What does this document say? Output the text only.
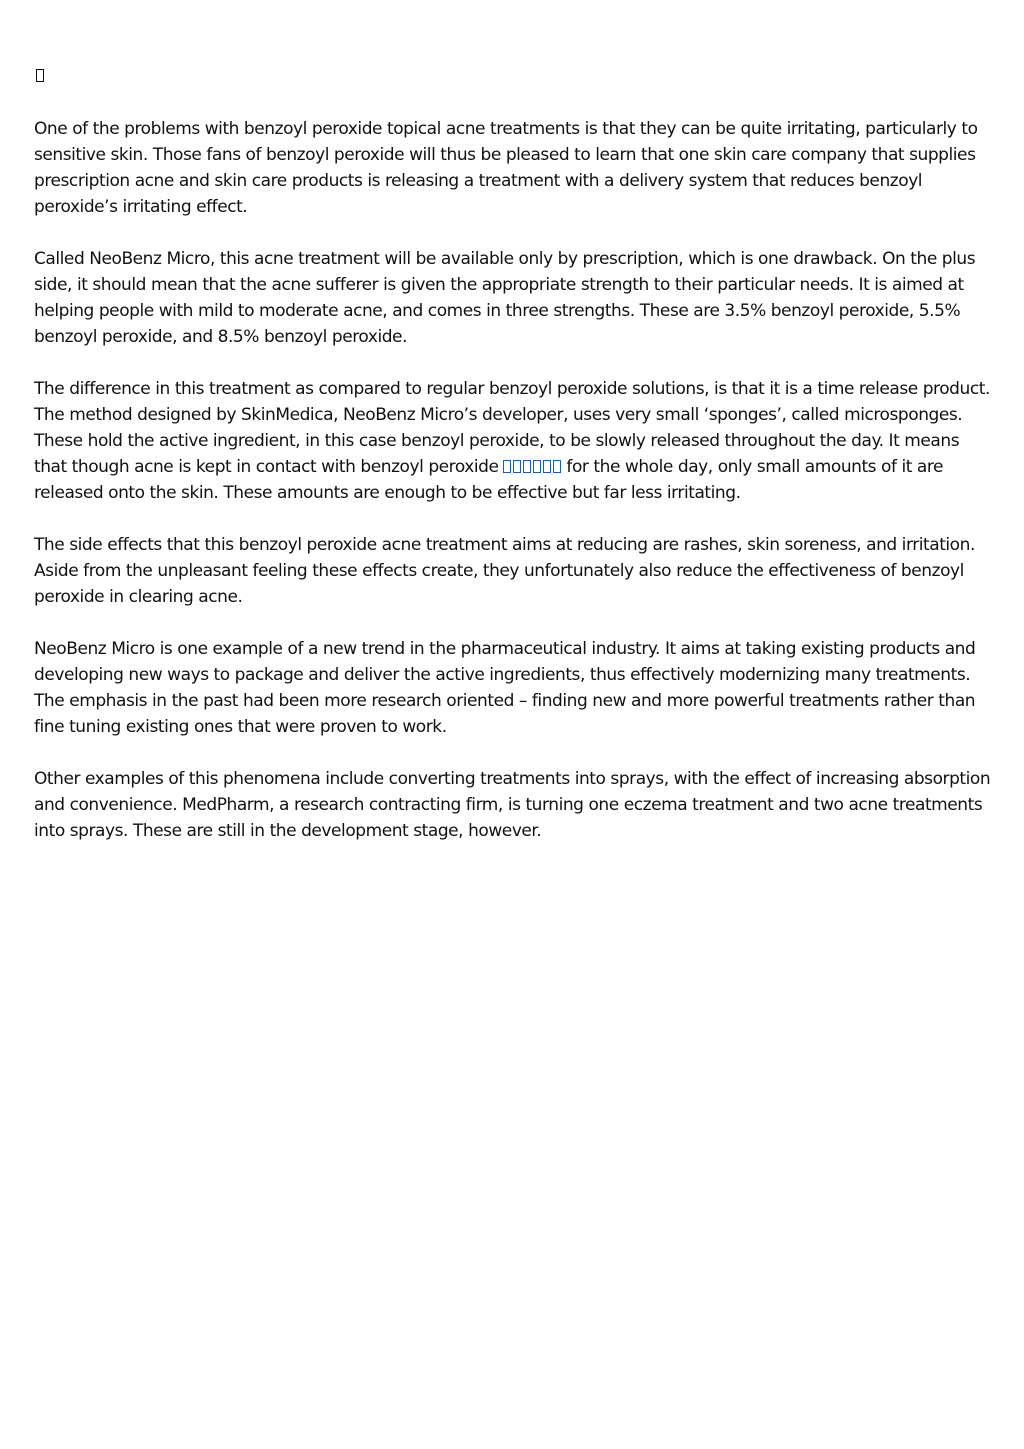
One of the problems with benzoyl peroxide topical acne treatments is that they can be quite irritating, particularly to sensitive skin. Those fans of benzoyl peroxide will thus be pleased to learn that one skin care company that supplies prescription acne and skin care products is releasing a treatment with a delivery system that reduces benzoyl peroxide’s irritating effect.

Called NeoBenz Micro, this acne treatment will be available only by prescription, which is one drawback. On the plus side, it should mean that the acne sufferer is given the appropriate strength to their particular needs. It is aimed at helping people with mild to moderate acne, and comes in three strengths. These are 3.5% benzoyl peroxide, 5.5% benzoyl peroxide, and 8.5% benzoyl peroxide.

The difference in this treatment as compared to regular benzoyl peroxide solutions, is that it is a time release product. The method designed by SkinMedica, NeoBenz Micro’s developer, uses very small ‘sponges’, called microsponges. These hold the active ingredient, in this case benzoyl peroxide, to be slowly released throughout the day. It means that though acne is kept in contact with benzoyl peroxide	for the whole day, only small amounts of it are released onto the skin. These amounts are enough to be effective but far less irritating.

The side effects that this benzoyl peroxide acne treatment aims at reducing are rashes, skin soreness, and irritation. Aside from the unpleasant feeling these effects create, they unfortunately also reduce the effectiveness of benzoyl peroxide in clearing acne.

NeoBenz Micro is one example of a new trend in the pharmaceutical industry. It aims at taking existing products and developing new ways to package and deliver the active ingredients, thus effectively modernizing many treatments. The emphasis in the past had been more research oriented – finding new and more powerful treatments rather than fine tuning existing ones that were proven to work.

Other examples of this phenomena include converting treatments into sprays, with the effect of increasing absorption and convenience. MedPharm, a research contracting firm, is turning one eczema treatment and two acne treatments into sprays. These are still in the development stage, however.
